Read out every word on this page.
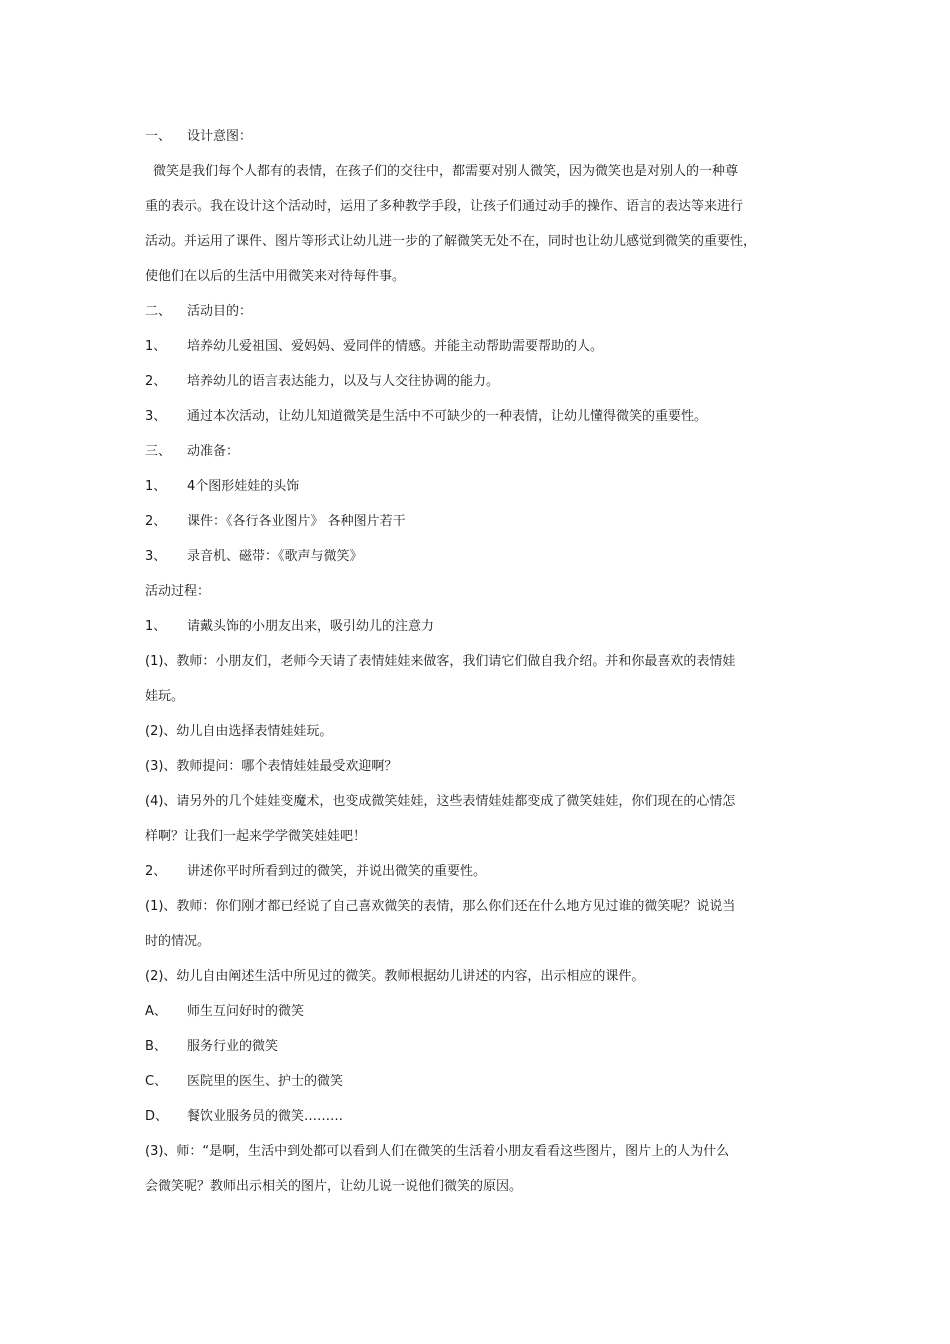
一、 设计意图：
微笑是我们每个人都有的表情，在孩子们的交往中，都需要对别人微笑，因为微笑也是对别人的一种尊
重的表示。我在设计这个活动时，运用了多种教学手段，让孩子们通过动手的操作、语言的表达等来进行
活动。并运用了课件、图片等形式让幼儿进一步的了解微笑无处不在，同时也让幼儿感觉到微笑的重要性，
使他们在以后的生活中用微笑来对待每件事。
二、 活动目的：
1、 培养幼儿爱祖国、爱妈妈、爱同伴的情感。并能主动帮助需要帮助的人。
2、 培养幼儿的语言表达能力，以及与人交往协调的能力。
3、 通过本次活动，让幼儿知道微笑是生活中不可缺少的一种表情，让幼儿懂得微笑的重要性。
三、 动准备：
1、 4个图形娃娃的头饰
2、 课件：《各行各业图片》 各种图片若干
3、 录音机、磁带：《歌声与微笑》
活动过程：
1、 请戴头饰的小朋友出来，吸引幼儿的注意力
(1)、教师：小朋友们，老师今天请了表情娃娃来做客，我们请它们做自我介绍。并和你最喜欢的表情娃
娃玩。
(2)、幼儿自由选择表情娃娃玩。
(3)、教师提问：哪个表情娃娃最受欢迎啊？
(4)、请另外的几个娃娃变魔术，也变成微笑娃娃，这些表情娃娃都变成了微笑娃娃，你们现在的心情怎
样啊？让我们一起来学学微笑娃娃吧！
2、 讲述你平时所看到过的微笑，并说出微笑的重要性。
(1)、教师：你们刚才都已经说了自己喜欢微笑的表情，那么你们还在什么地方见过谁的微笑呢？说说当
时的情况。
(2)、幼儿自由阐述生活中所见过的微笑。教师根据幼儿讲述的内容，出示相应的课件。
A、 师生互问好时的微笑
B、 服务行业的微笑
C、 医院里的医生、护士的微笑
D、 餐饮业服务员的微笑………
(3)、师：“是啊，生活中到处都可以看到人们在微笑的生活着小朋友看看这些图片，图片上的人为什么
会微笑呢？教师出示相关的图片，让幼儿说一说他们微笑的原因。
